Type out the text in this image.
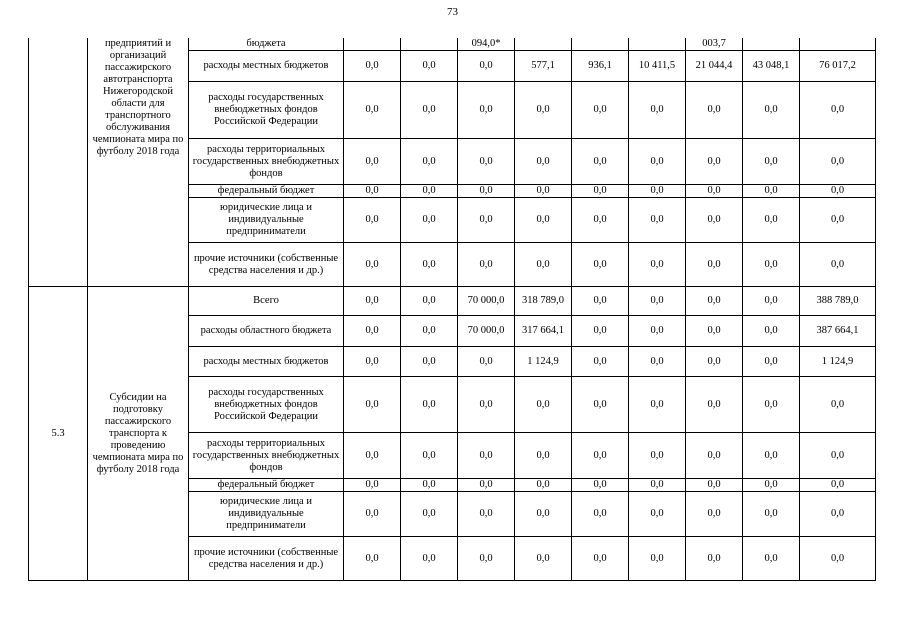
73
	предприятий и организаций пассажирского автотранспорта Нижегородской области для транспортного обслуживания чемпионата мира по футболу 2018 года	бюджета			094,0*				003,7		
		расходы местных бюджетов	0,0	0,0	0,0	577,1	936,1	10 411,5	21 044,4	43 048,1	76 017,2
		расходы государственных внебюджетных фондов Российской Федерации	0,0	0,0	0,0	0,0	0,0	0,0	0,0	0,0	0,0
		расходы территориальных государственных внебюджетных фондов	0,0	0,0	0,0	0,0	0,0	0,0	0,0	0,0	0,0
		федеральный бюджет	0,0	0,0	0,0	0,0	0,0	0,0	0,0	0,0	0,0
		юридические лица и индивидуальные предприниматели	0,0	0,0	0,0	0,0	0,0	0,0	0,0	0,0	0,0
		прочие источники (собственные средства населения и др.)	0,0	0,0	0,0	0,0	0,0	0,0	0,0	0,0	0,0
5.3	Субсидии на подготовку пассажирского транспорта к проведению чемпионата мира по футболу 2018 года	Всего	0,0	0,0	70 000,0	318 789,0	0,0	0,0	0,0	0,0	388 789,0
		расходы областного бюджета	0,0	0,0	70 000,0	317 664,1	0,0	0,0	0,0	0,0	387 664,1
		расходы местных бюджетов	0,0	0,0	0,0	1 124,9	0,0	0,0	0,0	0,0	1 124,9
		расходы государственных внебюджетных фондов Российской Федерации	0,0	0,0	0,0	0,0	0,0	0,0	0,0	0,0	0,0
		расходы территориальных государственных внебюджетных фондов	0,0	0,0	0,0	0,0	0,0	0,0	0,0	0,0	0,0
		федеральный бюджет	0,0	0,0	0,0	0,0	0,0	0,0	0,0	0,0	0,0
		юридические лица и индивидуальные предприниматели	0,0	0,0	0,0	0,0	0,0	0,0	0,0	0,0	0,0
		прочие источники (собственные средства населения и др.)	0,0	0,0	0,0	0,0	0,0	0,0	0,0	0,0	0,0
